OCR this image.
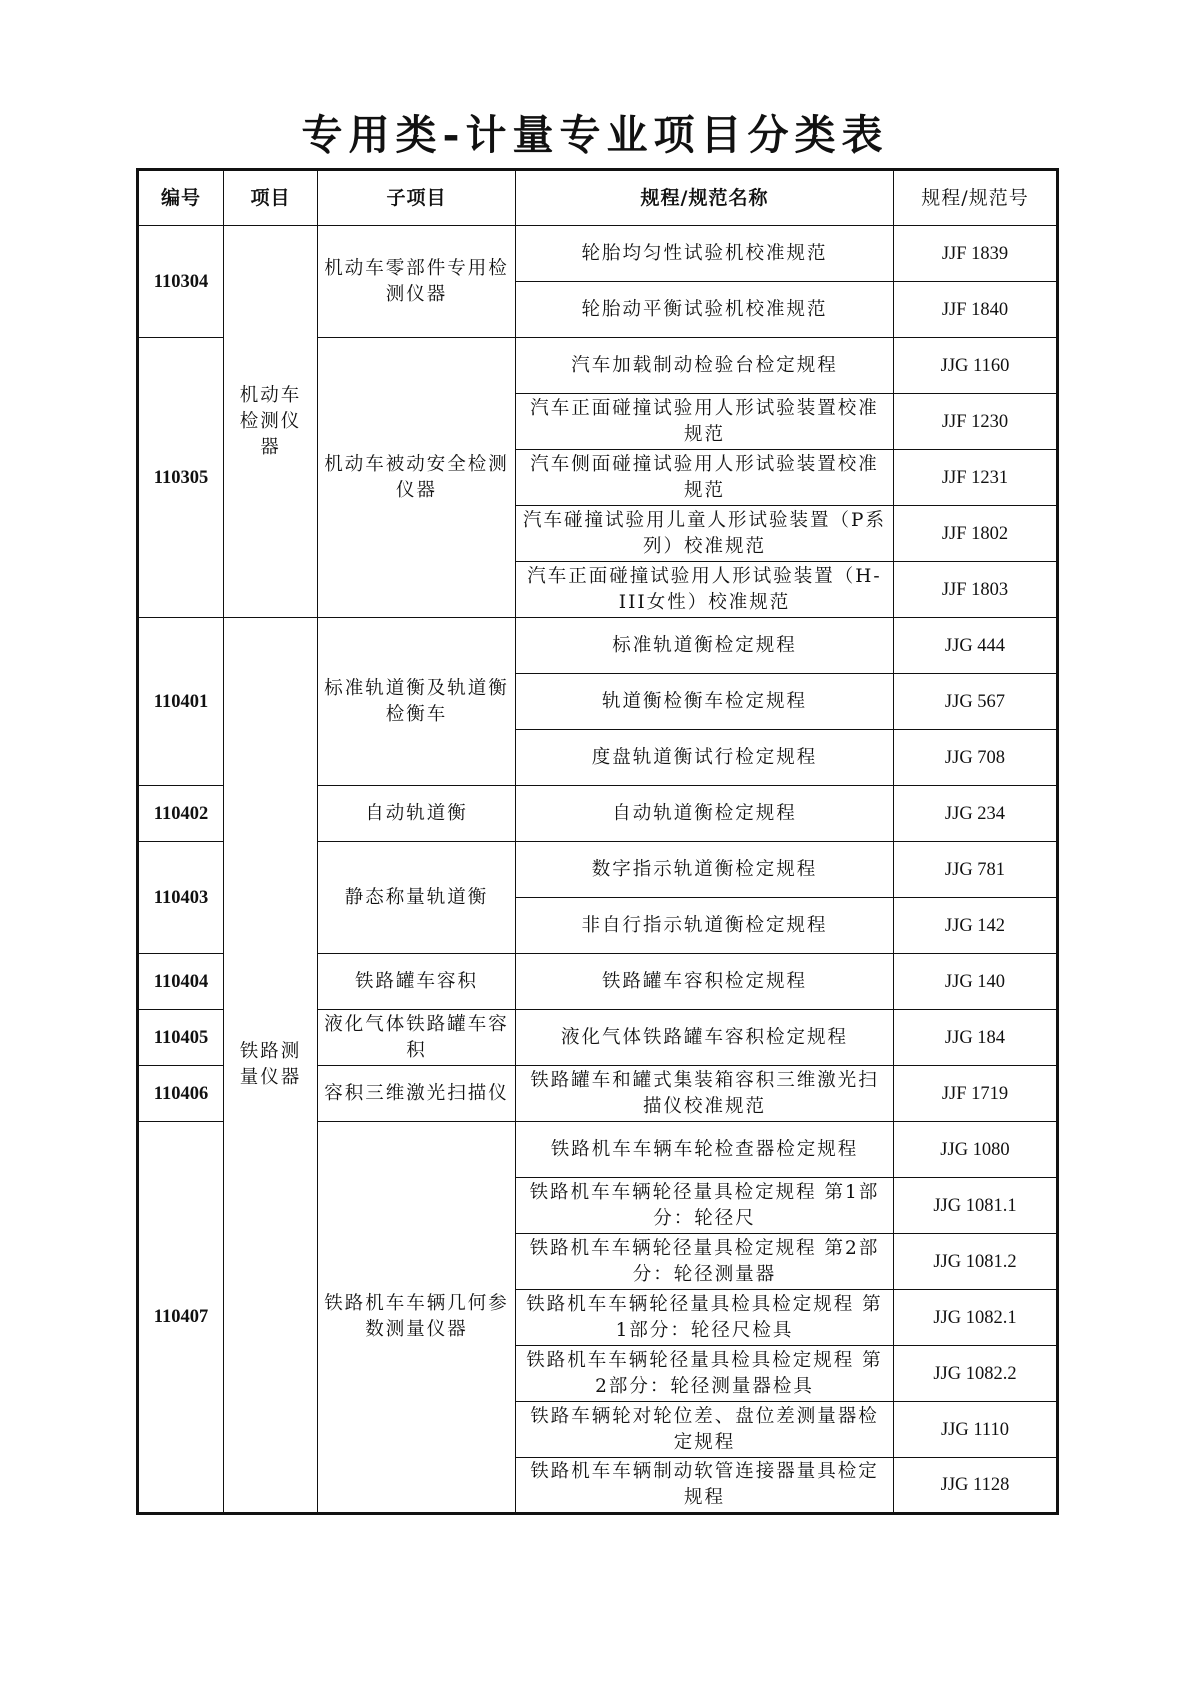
专用类-计量专业项目分类表
编号	项目	子项目	规程/规范名称	规程/规范号
110304	机动车检测仪器	机动车零部件专用检测仪器	轮胎均匀性试验机校准规范	JJF 1839
			轮胎动平衡试验机校准规范	JJF 1840
110305		机动车被动安全检测仪器	汽车加载制动检验台检定规程	JJG 1160
			汽车正面碰撞试验用人形试验装置校准规范	JJF 1230
			汽车侧面碰撞试验用人形试验装置校准规范	JJF 1231
			汽车碰撞试验用儿童人形试验装置（P系列）校准规范	JJF 1802
			汽车正面碰撞试验用人形试验装置（H-III女性）校准规范	JJF 1803
110401	铁路测量仪器	标准轨道衡及轨道衡检衡车	标准轨道衡检定规程	JJG 444
			轨道衡检衡车检定规程	JJG 567
			度盘轨道衡试行检定规程	JJG 708
110402		自动轨道衡	自动轨道衡检定规程	JJG 234
110403		静态称量轨道衡	数字指示轨道衡检定规程	JJG 781
			非自行指示轨道衡检定规程	JJG 142
110404		铁路罐车容积	铁路罐车容积检定规程	JJG 140
110405		液化气体铁路罐车容积	液化气体铁路罐车容积检定规程	JJG 184
110406		容积三维激光扫描仪	铁路罐车和罐式集装箱容积三维激光扫描仪校准规范	JJF 1719
110407		铁路机车车辆几何参数测量仪器	铁路机车车辆车轮检查器检定规程	JJG 1080
			铁路机车车辆轮径量具检定规程 第1部分：轮径尺	JJG 1081.1
			铁路机车车辆轮径量具检定规程 第2部分：轮径测量器	JJG 1081.2
			铁路机车车辆轮径量具检具检定规程 第1部分：轮径尺检具	JJG 1082.1
			铁路机车车辆轮径量具检具检定规程 第2部分：轮径测量器检具	JJG 1082.2
			铁路车辆轮对轮位差、盘位差测量器检定规程	JJG 1110
			铁路机车车辆制动软管连接器量具检定规程	JJG 1128
